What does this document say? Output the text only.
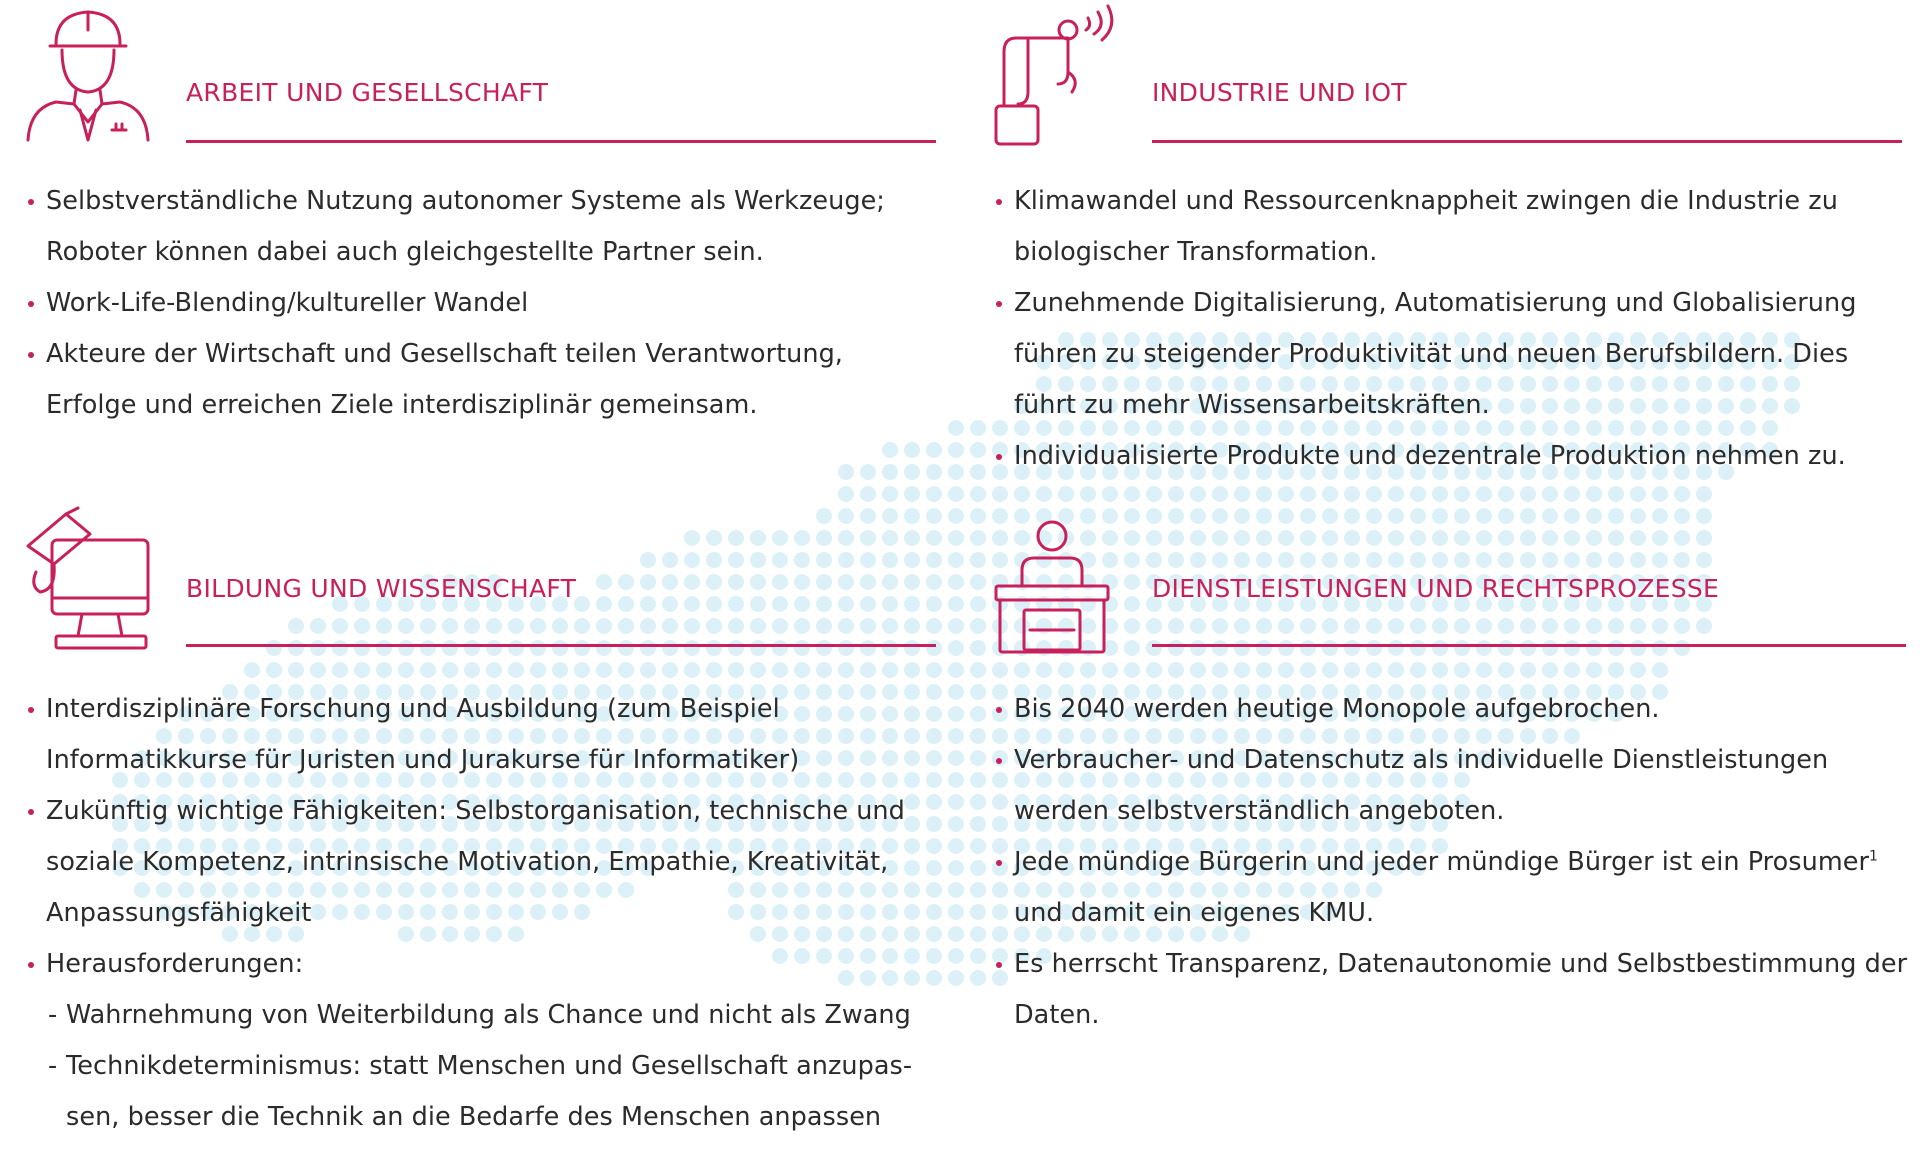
ARBEIT UND GESELLSCHAFT
Selbstverständliche Nutzung autonomer Systeme als Werkzeuge; Roboter können dabei auch gleichgestellte Partner sein.
Work-Life-Blending/kultureller Wandel
Akteure der Wirtschaft und Gesellschaft teilen Verantwortung, Erfolge und erreichen Ziele interdisziplinär gemeinsam.
INDUSTRIE UND IOT
Klimawandel und Ressourcenknappheit zwingen die Industrie zu biologischer Transformation.
Zunehmende Digitalisierung, Automatisierung und Globalisierung führen zu steigender Produktivität und neuen Berufsbildern. Dies führt zu mehr Wissensarbeitskräften.
Individualisierte Produkte und dezentrale Produktion nehmen zu.
BILDUNG UND WISSENSCHAFT
Interdisziplinäre Forschung und Ausbildung (zum Beispiel Informatikkurse für Juristen und Jurakurse für Informatiker)
Zukünftig wichtige Fähigkeiten: Selbstorganisation, technische und soziale Kompetenz, intrinsische Motivation, Empathie, Kreativität, Anpassungsfähigkeit
Herausforderungen:
- Wahrnehmung von Weiterbildung als Chance und nicht als Zwang
- Technikdeterminismus: statt Menschen und Gesellschaft anzupas-sen, besser die Technik an die Bedarfe des Menschen anpassen
DIENSTLEISTUNGEN UND RECHTSPROZESSE
Bis 2040 werden heutige Monopole aufgebrochen.
Verbraucher- und Datenschutz als individuelle Dienstleistungen werden selbstverständlich angeboten.
Jede mündige Bürgerin und jeder mündige Bürger ist ein Prosumer$^1$ und damit ein eigenes KMU.
Es herrscht Transparenz, Datenautonomie und Selbstbestimmung der Daten.
